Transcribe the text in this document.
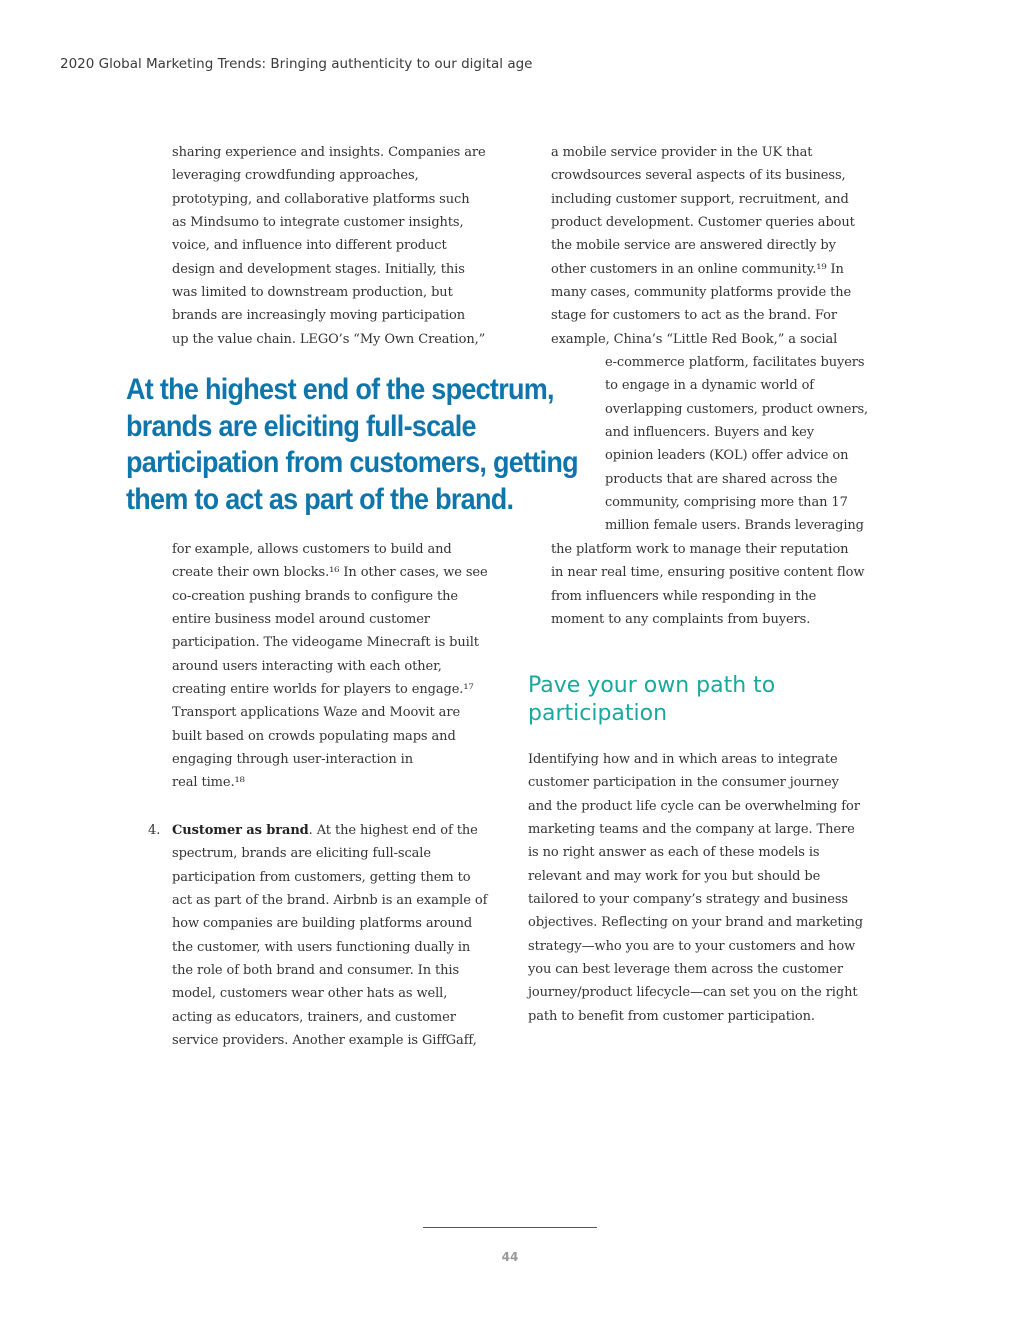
2020 Global Marketing Trends: Bringing authenticity to our digital age
sharing experience and insights. Companies are
leveraging crowdfunding approaches,
prototyping, and collaborative platforms such
as Mindsumo to integrate customer insights,
voice, and influence into different product
design and development stages. Initially, this
was limited to downstream production, but
brands are increasingly moving participation
up the value chain. LEGO’s “My Own Creation,”
At the highest end of the spectrum,
brands are eliciting full-scale
participation from customers, getting
them to act as part of the brand.
for example, allows customers to build and
create their own blocks.¹⁶ In other cases, we see
co-creation pushing brands to configure the
entire business model around customer
participation. The videogame Minecraft is built
around users interacting with each other,
creating entire worlds for players to engage.¹⁷
Transport applications Waze and Moovit are
built based on crowds populating maps and
engaging through user-interaction in
real time.¹⁸
4. Customer as brand. At the highest end of the
spectrum, brands are eliciting full-scale
participation from customers, getting them to
act as part of the brand. Airbnb is an example of
how companies are building platforms around
the customer, with users functioning dually in
the role of both brand and consumer. In this
model, customers wear other hats as well,
acting as educators, trainers, and customer
service providers. Another example is GiffGaff,
a mobile service provider in the UK that
crowdsources several aspects of its business,
including customer support, recruitment, and
product development. Customer queries about
the mobile service are answered directly by
other customers in an online community.¹⁹ In
many cases, community platforms provide the
stage for customers to act as the brand. For
example, China’s “Little Red Book,” a social
e-commerce platform, facilitates buyers
to engage in a dynamic world of
overlapping customers, product owners,
and influencers. Buyers and key
opinion leaders (KOL) offer advice on
products that are shared across the
community, comprising more than 17
million female users. Brands leveraging
the platform work to manage their reputation
in near real time, ensuring positive content flow
from influencers while responding in the
moment to any complaints from buyers.
Pave your own path to
participation
Identifying how and in which areas to integrate
customer participation in the consumer journey
and the product life cycle can be overwhelming for
marketing teams and the company at large. There
is no right answer as each of these models is
relevant and may work for you but should be
tailored to your company’s strategy and business
objectives. Reflecting on your brand and marketing
strategy—who you are to your customers and how
you can best leverage them across the customer
journey/product lifecycle—can set you on the right
path to benefit from customer participation.
44
